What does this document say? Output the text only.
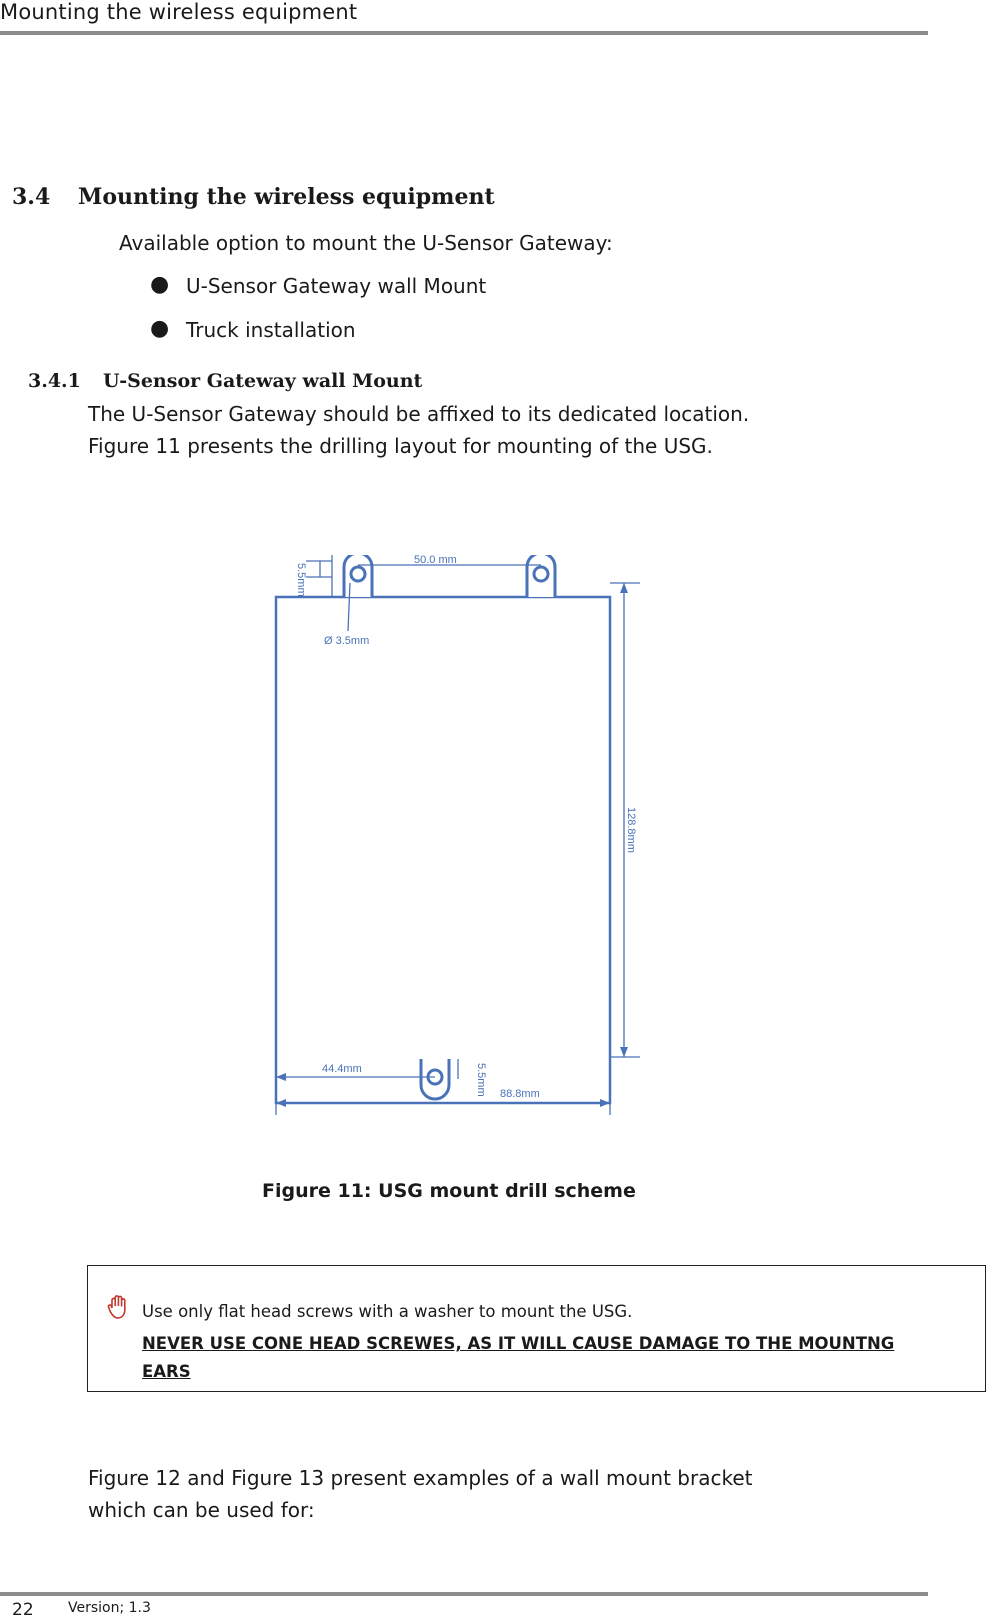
Mounting the wireless equipment
3.4 Mounting the wireless equipment
Available option to mount the U-Sensor Gateway:
● U-Sensor Gateway wall Mount
● Truck installation
3.4.1 U-Sensor Gateway wall Mount
The U-Sensor Gateway should be affixed to its dedicated location.
Figure 11 presents the drilling layout for mounting of the USG.
50.0 mm
5.5mm
Ø 3.5mm
128.8mm
44.4mm	5.5mm 88.8mm
Figure 11: USG mount drill scheme
Use only flat head screws with a washer to mount the USG.
NEVER USE CONE HEAD SCREWES, AS IT WILL CAUSE DAMAGE TO THE MOUNTNG EARS
Figure 12 and Figure 13 present examples of a wall mount bracket
which can be used for:
22 Version; 1.3
